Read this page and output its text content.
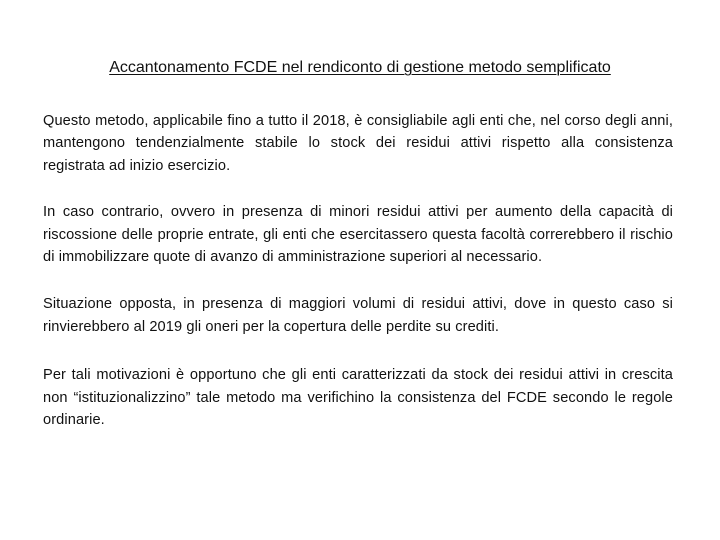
Accantonamento FCDE nel rendiconto di gestione metodo semplificato

Questo metodo, applicabile fino a tutto il 2018, è consigliabile agli enti che, nel corso degli anni, mantengono tendenzialmente stabile lo stock dei residui attivi rispetto alla consistenza registrata ad inizio esercizio.

In caso contrario, ovvero in presenza di minori residui attivi per aumento della capacità di riscossione delle proprie entrate, gli enti che esercitassero questa facoltà correrebbero il rischio di immobilizzare quote di avanzo di amministrazione superiori al necessario.

Situazione opposta, in presenza di maggiori volumi di residui attivi, dove in questo caso si rinvierebbero al 2019 gli oneri per la copertura delle perdite su crediti.

Per tali motivazioni è opportuno che gli enti caratterizzati da stock dei residui attivi in crescita non “istituzionalizzino” tale metodo ma verifichino la consistenza del FCDE secondo le regole ordinarie.
